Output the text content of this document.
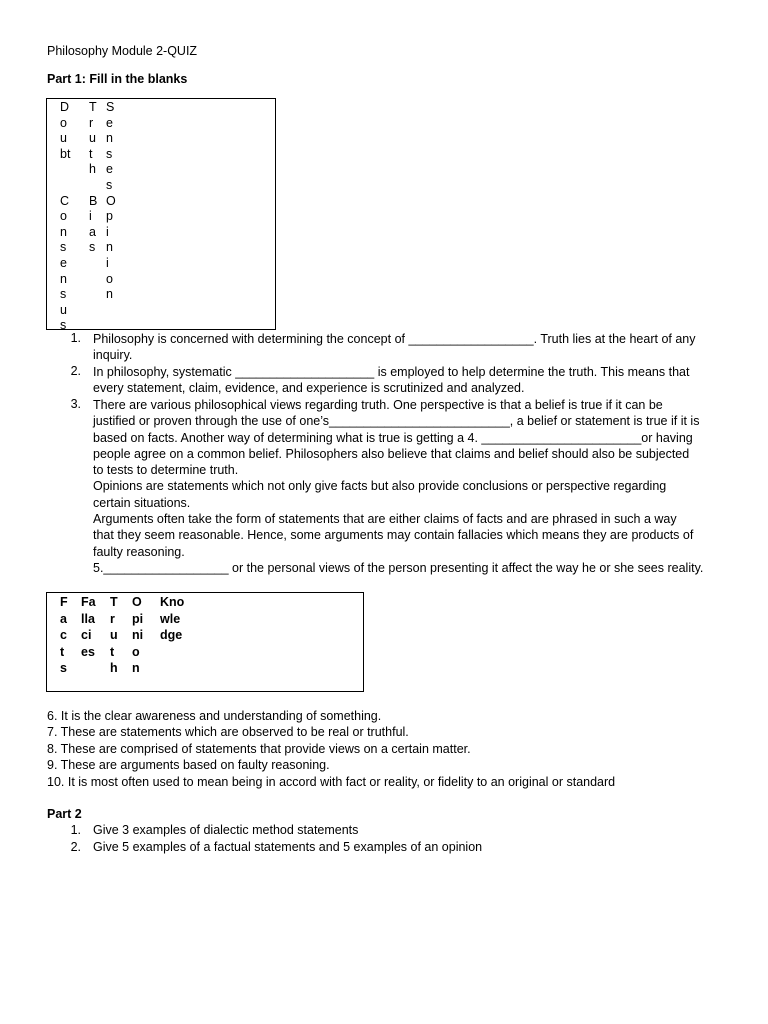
Philosophy Module 2-QUIZ
Part 1: Fill in the blanks
D
o
u
bt
C
o
n
s
e
n
s
u
s
T
r
u
t
h
B
i
a
s
S
e
n
s
e
s
O
p
i
n
i
o
n
1. Philosophy is concerned with determining the concept of __________________. Truth lies at the heart of any
inquiry.
2. In philosophy, systematic ____________________ is employed to help determine the truth. This means that
every statement, claim, evidence, and experience is scrutinized and analyzed.
3. There are various philosophical views regarding truth. One perspective is that a belief is true if it can be
justified or proven through the use of one’s__________________________, a belief or statement is true if it is
based on facts. Another way of determining what is true is getting a 4. _______________________or having
people agree on a common belief. Philosophers also believe that claims and belief should also be subjected
to tests to determine truth.
Opinions are statements which not only give facts but also provide conclusions or perspective regarding
certain situations.
Arguments often take the form of statements that are either claims of facts and are phrased in such a way
that they seem reasonable. Hence, some arguments may contain fallacies which means they are products of
faulty reasoning.
5.__________________ or the personal views of the person presenting it affect the way he or she sees reality.
F
a
c
t
s
Fa
lla
ci
es
T
r
u
t
h
O
pi
ni
o
n
Kno
wle
dge
6. It is the clear awareness and understanding of something.
7. These are statements which are observed to be real or truthful.
8. These are comprised of statements that provide views on a certain matter.
9. These are arguments based on faulty reasoning.
10. It is most often used to mean being in accord with fact or reality, or fidelity to an original or standard
Part 2
1. Give 3 examples of dialectic method statements
2. Give 5 examples of a factual statements and 5 examples of an opinion
